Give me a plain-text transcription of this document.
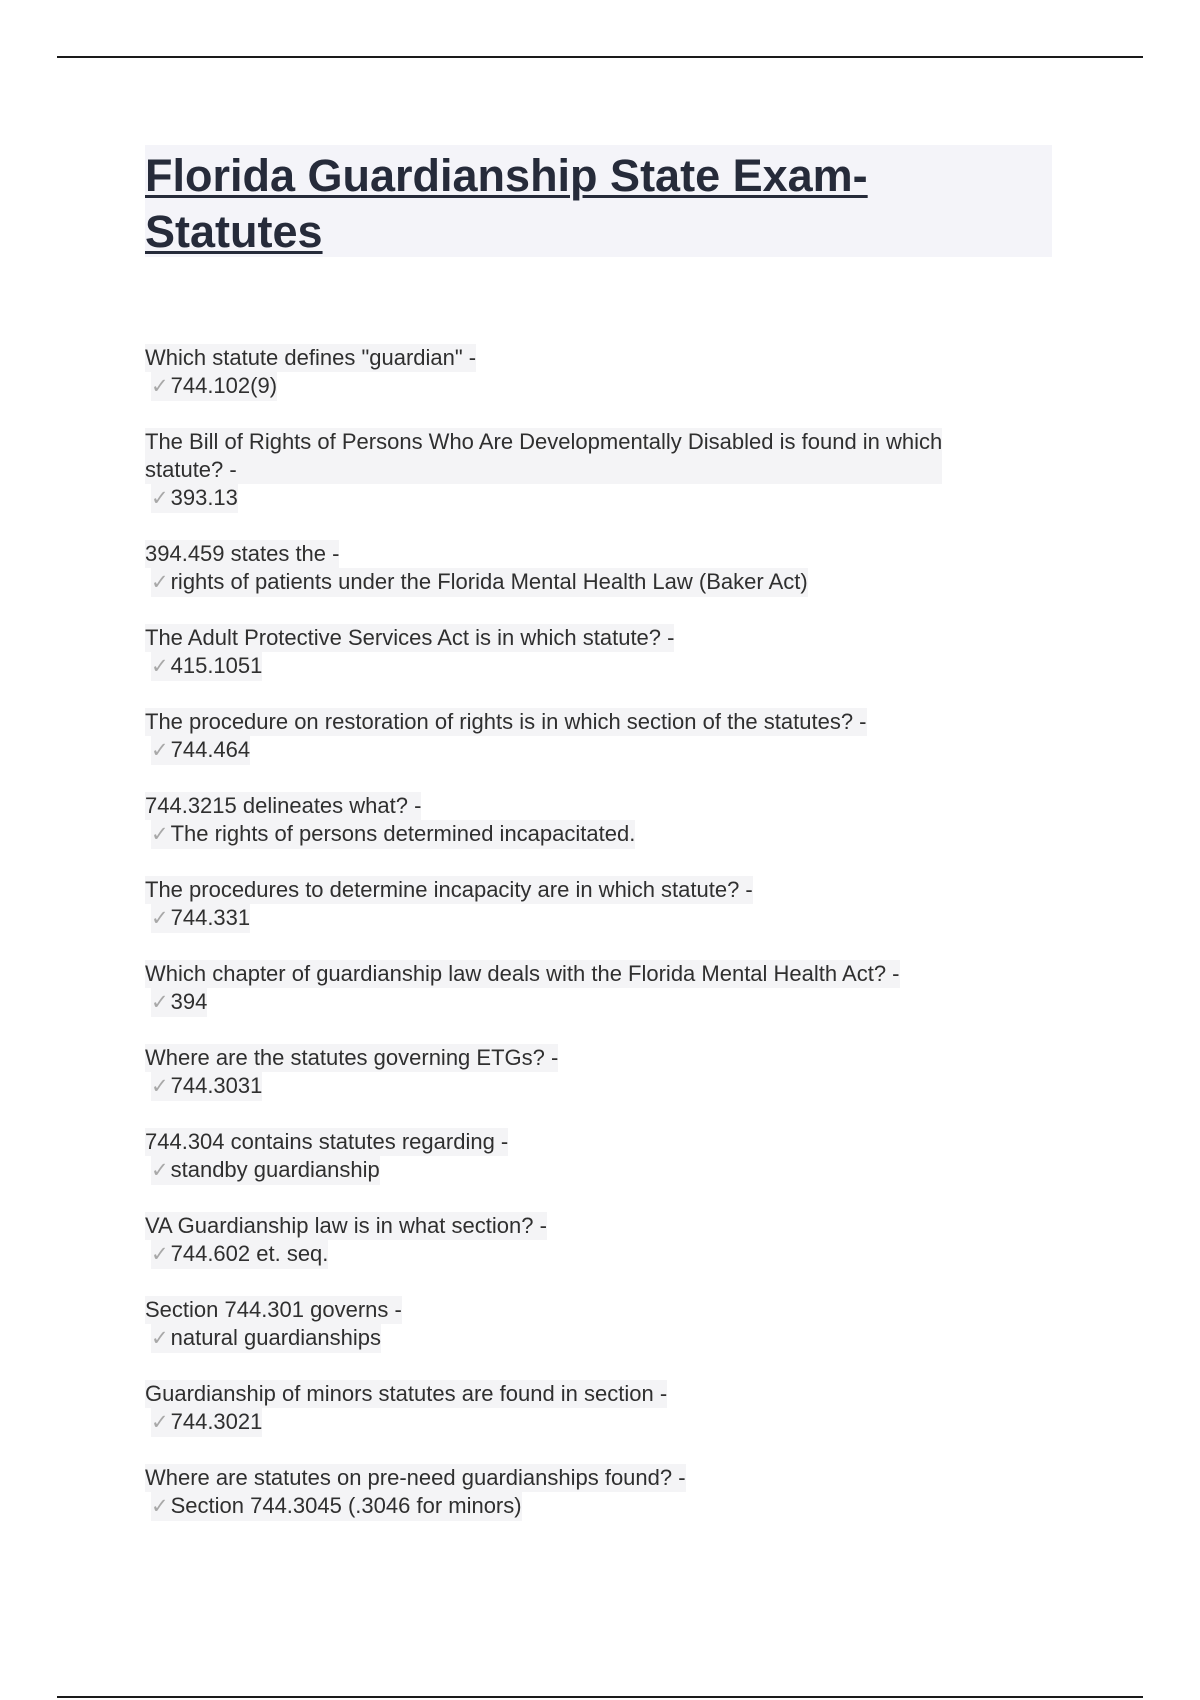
Florida Guardianship State Exam-
Statutes
Which statute defines "guardian" -
✓744.102(9)
The Bill of Rights of Persons Who Are Developmentally Disabled is found in which
statute? -
✓393.13
394.459 states the -
✓rights of patients under the Florida Mental Health Law (Baker Act)
The Adult Protective Services Act is in which statute? -
✓415.1051
The procedure on restoration of rights is in which section of the statutes? -
✓744.464
744.3215 delineates what? -
✓The rights of persons determined incapacitated.
The procedures to determine incapacity are in which statute? -
✓744.331
Which chapter of guardianship law deals with the Florida Mental Health Act? -
✓394
Where are the statutes governing ETGs? -
✓744.3031
744.304 contains statutes regarding -
✓standby guardianship
VA Guardianship law is in what section? -
✓744.602 et. seq.
Section 744.301 governs -
✓natural guardianships
Guardianship of minors statutes are found in section -
✓744.3021
Where are statutes on pre-need guardianships found? -
✓Section 744.3045 (.3046 for minors)
